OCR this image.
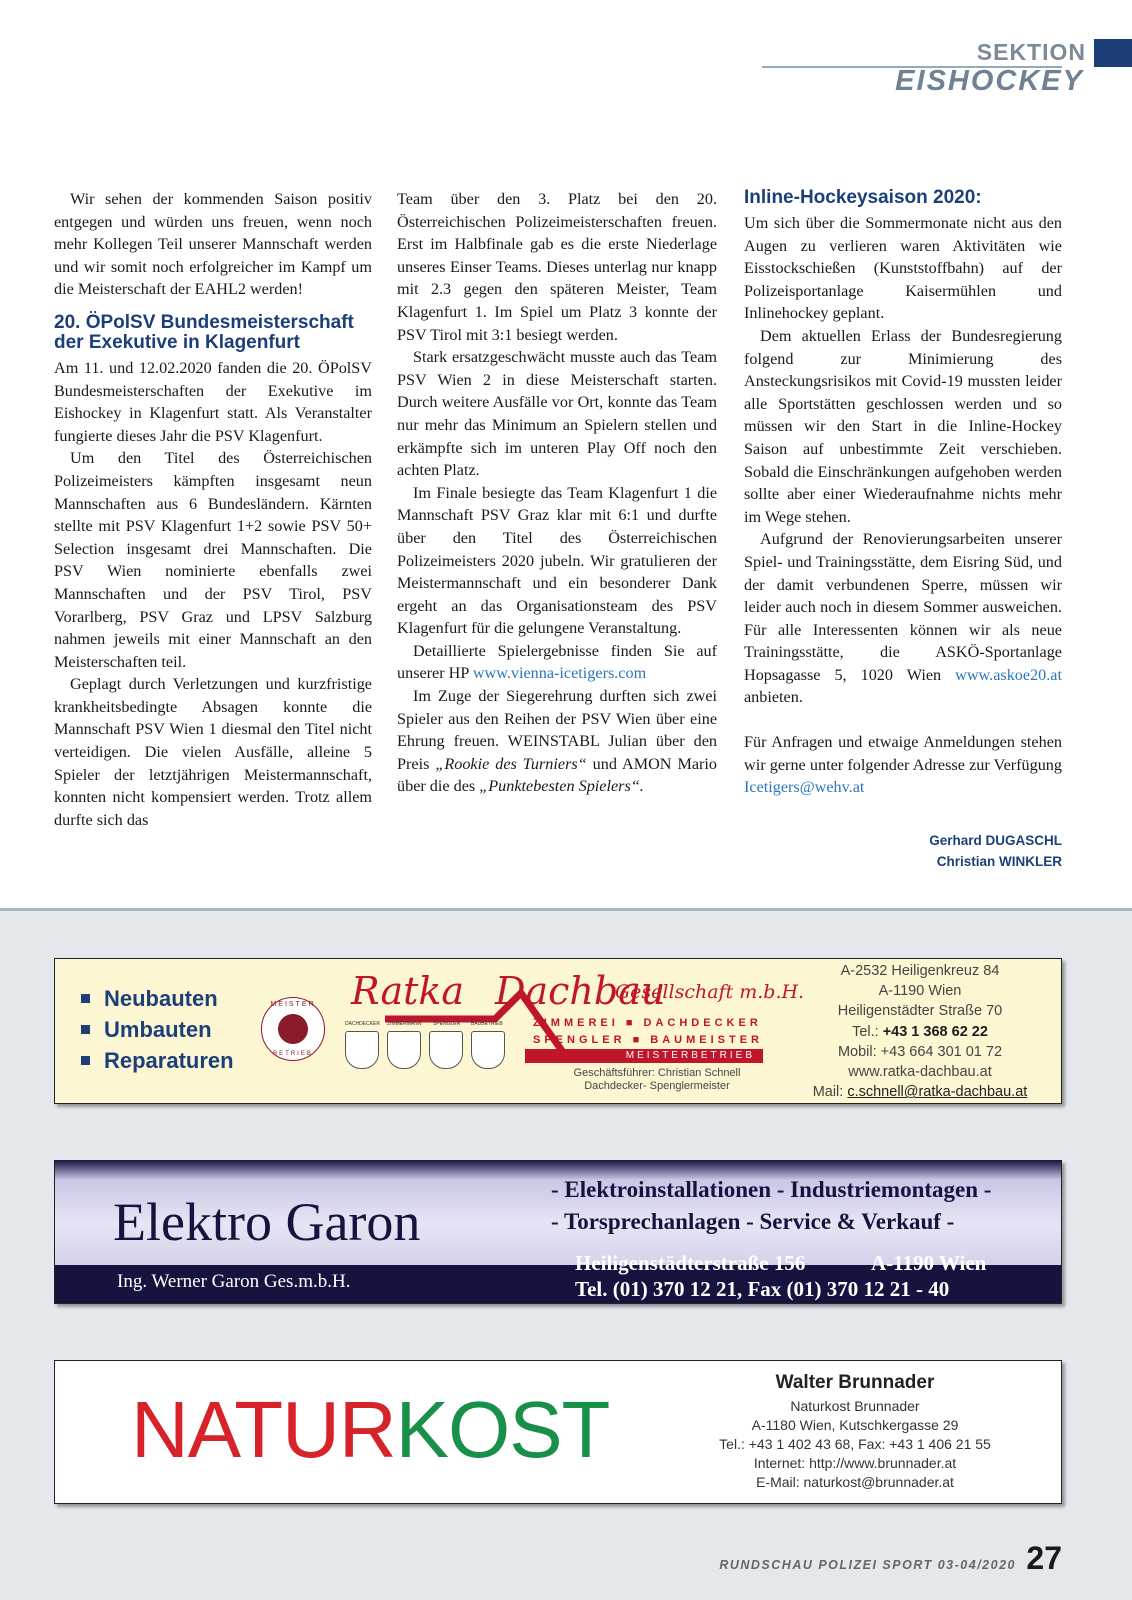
SEKTION
EISHOCKEY

Wir sehen der kommenden Saison positiv entgegen und würden uns freuen, wenn noch mehr Kollegen Teil unserer Mannschaft werden und wir somit noch erfolgreicher im Kampf um die Meisterschaft der EAHL2 werden!

20. ÖPolSV Bundesmeisterschaft der Exekutive in Klagenfurt

Am 11. und 12.02.2020 fanden die 20. ÖPolSV Bundesmeisterschaften der Exekutive im Eishockey in Klagenfurt statt. Als Veranstalter fungierte dieses Jahr die PSV Klagenfurt.

Um den Titel des Österreichischen Polizeimeisters kämpften insgesamt neun Mannschaften aus 6 Bundesländern. Kärnten stellte mit PSV Klagenfurt 1+2 sowie PSV 50+ Selection insgesamt drei Mannschaften. Die PSV Wien nominierte ebenfalls zwei Mannschaften und der PSV Tirol, PSV Vorarlberg, PSV Graz und LPSV Salzburg nahmen jeweils mit einer Mannschaft an den Meisterschaften teil.

Geplagt durch Verletzungen und kurzfristige krankheitsbedingte Absagen konnte die Mannschaft PSV Wien 1 diesmal den Titel nicht verteidigen. Die vielen Ausfälle, alleine 5 Spieler der letztjährigen Meistermannschaft, konnten nicht kompensiert werden. Trotz allem durfte sich das

Team über den 3. Platz bei den 20. Österreichischen Polizeimeisterschaften freuen. Erst im Halbfinale gab es die erste Niederlage unseres Einser Teams. Dieses unterlag nur knapp mit 2.3 gegen den späteren Meister, Team Klagenfurt 1. Im Spiel um Platz 3 konnte der PSV Tirol mit 3:1 besiegt werden.

Stark ersatzgeschwächt musste auch das Team PSV Wien 2 in diese Meisterschaft starten. Durch weitere Ausfälle vor Ort, konnte das Team nur mehr das Minimum an Spielern stellen und erkämpfte sich im unteren Play Off noch den achten Platz.

Im Finale besiegte das Team Klagenfurt 1 die Mannschaft PSV Graz klar mit 6:1 und durfte über den Titel des Österreichischen Polizeimeisters 2020 jubeln. Wir gratulieren der Meistermannschaft und ein besonderer Dank ergeht an das Organisationsteam des PSV Klagenfurt für die gelungene Veranstaltung.

Detaillierte Spielergebnisse finden Sie auf unserer HP www.vienna-icetigers.com

Im Zuge der Siegerehrung durften sich zwei Spieler aus den Reihen der PSV Wien über eine Ehrung freuen. WEINSTABL Julian über den Preis „Rookie des Turniers“ und AMON Mario über die des „Punktebesten Spielers“.

Inline-Hockeysaison 2020:

Um sich über die Sommermonate nicht aus den Augen zu verlieren waren Aktivitäten wie Eisstockschießen (Kunststoffbahn) auf der Polizeisportanlage Kaisermühlen und Inlinehockey geplant.

Dem aktuellen Erlass der Bundesregierung folgend zur Minimierung des Ansteckungsrisikos mit Covid-19 mussten leider alle Sportstätten geschlossen werden und so müssen wir den Start in die Inline-Hockey Saison auf unbestimmte Zeit verschieben. Sobald die Einschränkungen aufgehoben werden sollte aber einer Wiederaufnahme nichts mehr im Wege stehen.

Aufgrund der Renovierungsarbeiten unserer Spiel- und Trainingsstätte, dem Eisring Süd, und der damit verbundenen Sperre, müssen wir leider auch noch in diesem Sommer ausweichen. Für alle Interessenten können wir als neue Trainingsstätte, die ASKÖ-Sportanlage Hopsagasse 5, 1020 Wien www.askoe20.at anbieten.

Für Anfragen und etwaige Anmeldungen stehen wir gerne unter folgender Adresse zur Verfügung Icetigers@wehv.at

Gerhard DUGASCHL
Christian WINKLER
Neubauten
Umbauten
Reparaturen
MEISTER
BETRIEB
Ratka Dachbau
Gesellschaft m.b.H.
ZIMMEREI ■ DACHDECKER
SPENGLER ■ BAUMEISTER
MEISTERBETRIEB
DACHDECKER ZIMMERMANN SPENGLER BAUBETRIEB
Geschäftsführer: Christian Schnell
Dachdecker- Spenglermeister
A-2532 Heiligenkreuz 84
A-1190 Wien
Heiligenstädter Straße 70
Tel.: +43 1 368 62 22
Mobil: +43 664 301 01 72
www.ratka-dachbau.at
Mail: c.schnell@ratka-dachbau.at
Elektro Garon
- Elektroinstallationen - Industriemontagen -
- Torsprechanlagen - Service & Verkauf -
Ing. Werner Garon Ges.m.b.H.
Heiligenstädterstraße 156	A-1190 Wien
Tel. (01) 370 12 21, Fax (01) 370 12 21 - 40
NATURKOST
Walter Brunnader
Naturkost Brunnader
A-1180 Wien, Kutschkergasse 29
Tel.: +43 1 402 43 68, Fax: +43 1 406 21 55
Internet: http://www.brunnader.at
E-Mail: naturkost@brunnader.at
RUNDSCHAU POLIZEI SPORT 03-04/2020 27
